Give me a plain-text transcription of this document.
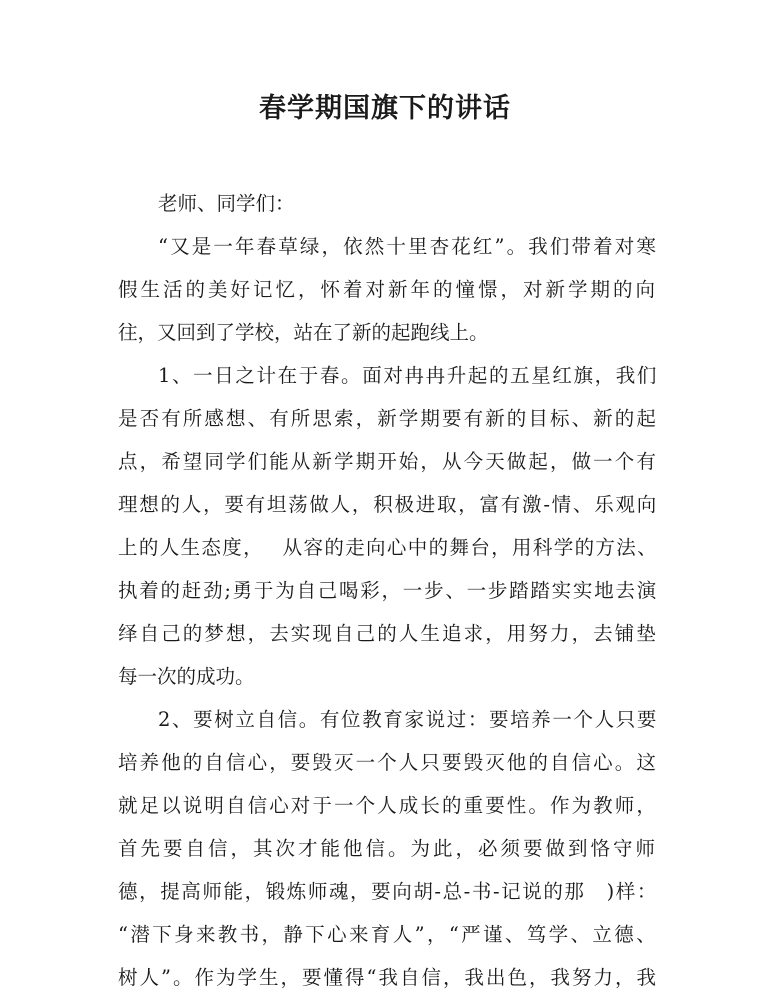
春学期国旗下的讲话
老师、同学们：
“又是一年春草绿，依然十里杏花红”。我们带着对寒
假生活的美好记忆，怀着对新年的憧憬，对新学期的向
往，又回到了学校，站在了新的起跑线上。
1、一日之计在于春。面对冉冉升起的五星红旗，我们
是否有所感想、有所思索，新学期要有新的目标、新的起
点，希望同学们能从新学期开始，从今天做起，做一个有
理想的人，要有坦荡做人，积极进取，富有激-情、乐观向
上的人生态度，　 从容的走向心中的舞台，用科学的方法、
执着的赶劲;勇于为自己喝彩，一步、一步踏踏实实地去演
绎自己的梦想，去实现自己的人生追求，用努力，去铺垫
每一次的成功。
2、要树立自信。有位教育家说过：要培养一个人只要
培养他的自信心，要毁灭一个人只要毁灭他的自信心。这
就足以说明自信心对于一个人成长的重要性。作为教师，
首先要自信，其次才能他信。为此，必须要做到恪守师
德，提高师能，锻炼师魂，要向胡-总-书-记说的那　)样：
“潜下身来教书，静下心来育人”，“严谨、笃学、立德、
树人”。作为学生，要懂得“我自信，我出色，我努力，我
